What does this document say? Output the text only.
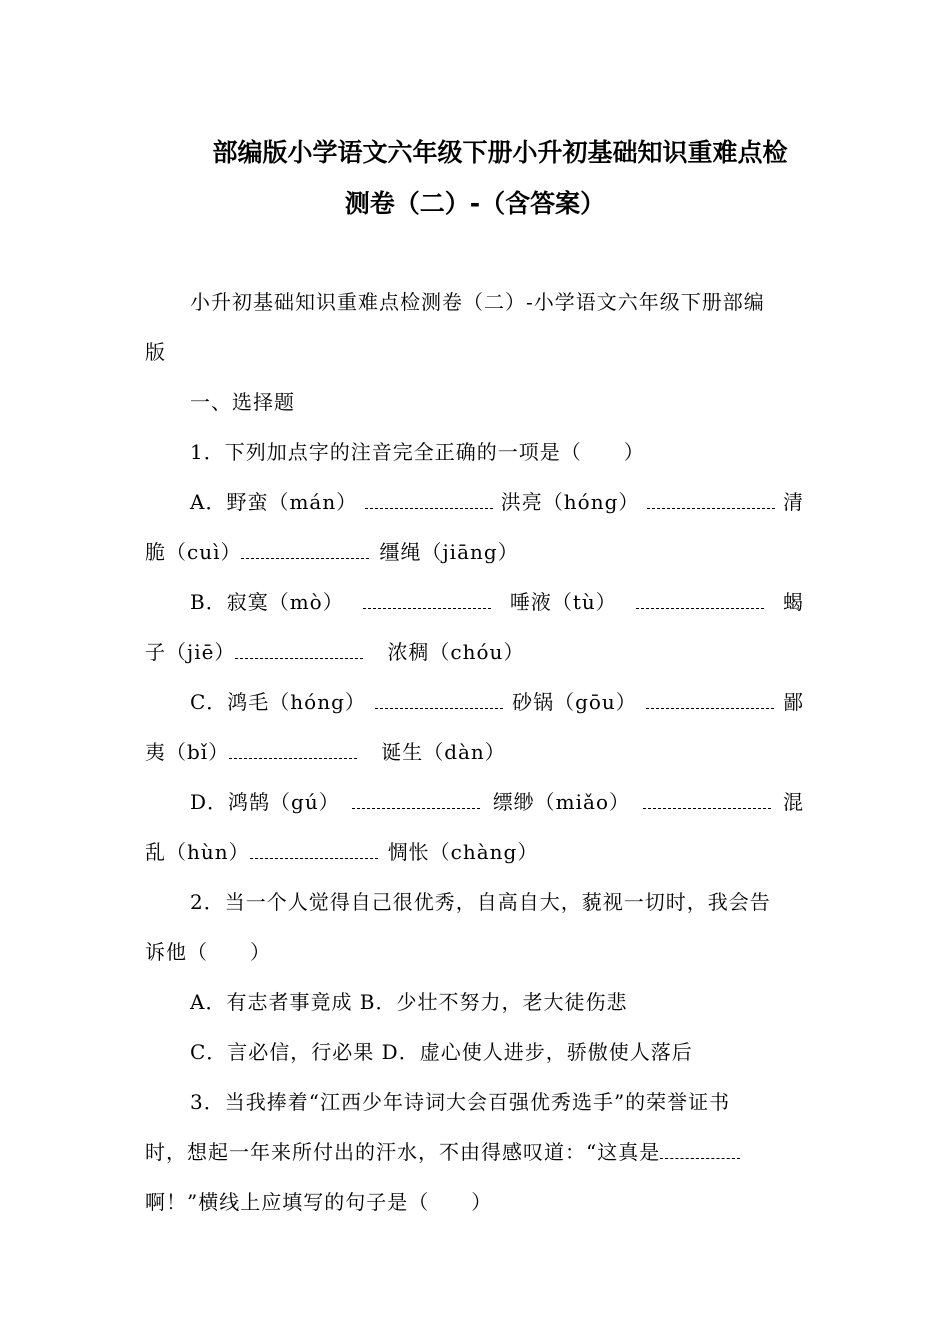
部编版小学语文六年级下册小升初基础知识重难点检
测卷（二）-（含答案）
小升初基础知识重难点检测卷（二）-小学语文六年级下册部编
版
一、选择题
1．下列加点字的注音完全正确的一项是（　　）
A．野蛮（mán）	洪亮（hóng）	清
脆（cuì）	缰绳（jiāng）
B．寂寞（mò）	唾液（tù）	蝎
子（jiē）	浓稠（chóu）
C．鸿毛（hóng）	砂锅（gōu）	鄙
夷（bǐ）	诞生（dàn）
D．鸿鹄（gú）	缥缈（miǎo）	混
乱（hùn）	惆怅（chàng）
2．当一个人觉得自己很优秀，自高自大，藐视一切时，我会告
诉他（　　）
A．有志者事竟成 B．少壮不努力，老大徒伤悲
C．言必信，行必果 D．虚心使人进步，骄傲使人落后
3．当我捧着“江西少年诗词大会百强优秀选手”的荣誉证书
时，想起一年来所付出的汗水，不由得感叹道：“这真是
啊！”横线上应填写的句子是（　　）
